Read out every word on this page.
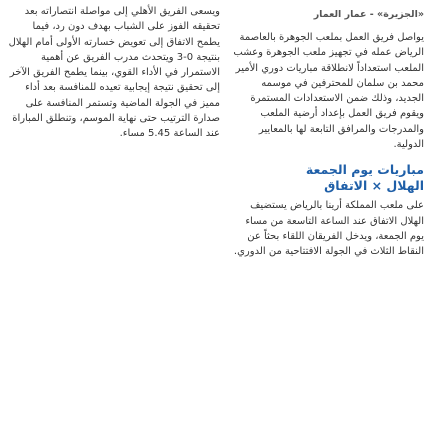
«الجزيرة» - عمار العمار

يواصل فريق العمل بملعب الجوهرة بالعاصمة الرياض عمله في تجهيز ملعب الجوهرة وعشب الملعب استعداداً لانطلاقة مباريات دوري الأمير محمد بن سلمان للمحترفين في موسمه الجديد، وذلك ضمن الاستعدادات المستمرة ويقوم فريق العمل بإعداد أرضية الملعب والمدرجات والمرافق التابعة لها بالمعايير الدولية.

مباريات يوم الجمعة

الهلال × الاتفاق

على ملعب المملكة أرينا بالرياض يستضيف الهلال الاتفاق عند الساعة التاسعة من مساء يوم الجمعة، ويدخل الفريقان اللقاء بحثاً عن النقاط الثلاث في الجولة الافتتاحية من الدوري.

ويسعى الفريق الأهلي إلى مواصلة انتصاراته بعد تحقيقه الفوز على الشباب بهدف دون رد، فيما يطمح الاتفاق إلى تعويض خسارته الأولى أمام الهلال بنتيجة 0-3 ويتحدث مدرب الفريق عن أهمية الاستمرار في الأداء القوي، بينما يطمح الفريق الآخر إلى تحقيق نتيجة إيجابية تعيده للمنافسة بعد أداء مميز في الجولة الماضية وتستمر المنافسة على صدارة الترتيب حتى نهاية الموسم، وتنطلق المباراة عند الساعة 5.45 مساء.
